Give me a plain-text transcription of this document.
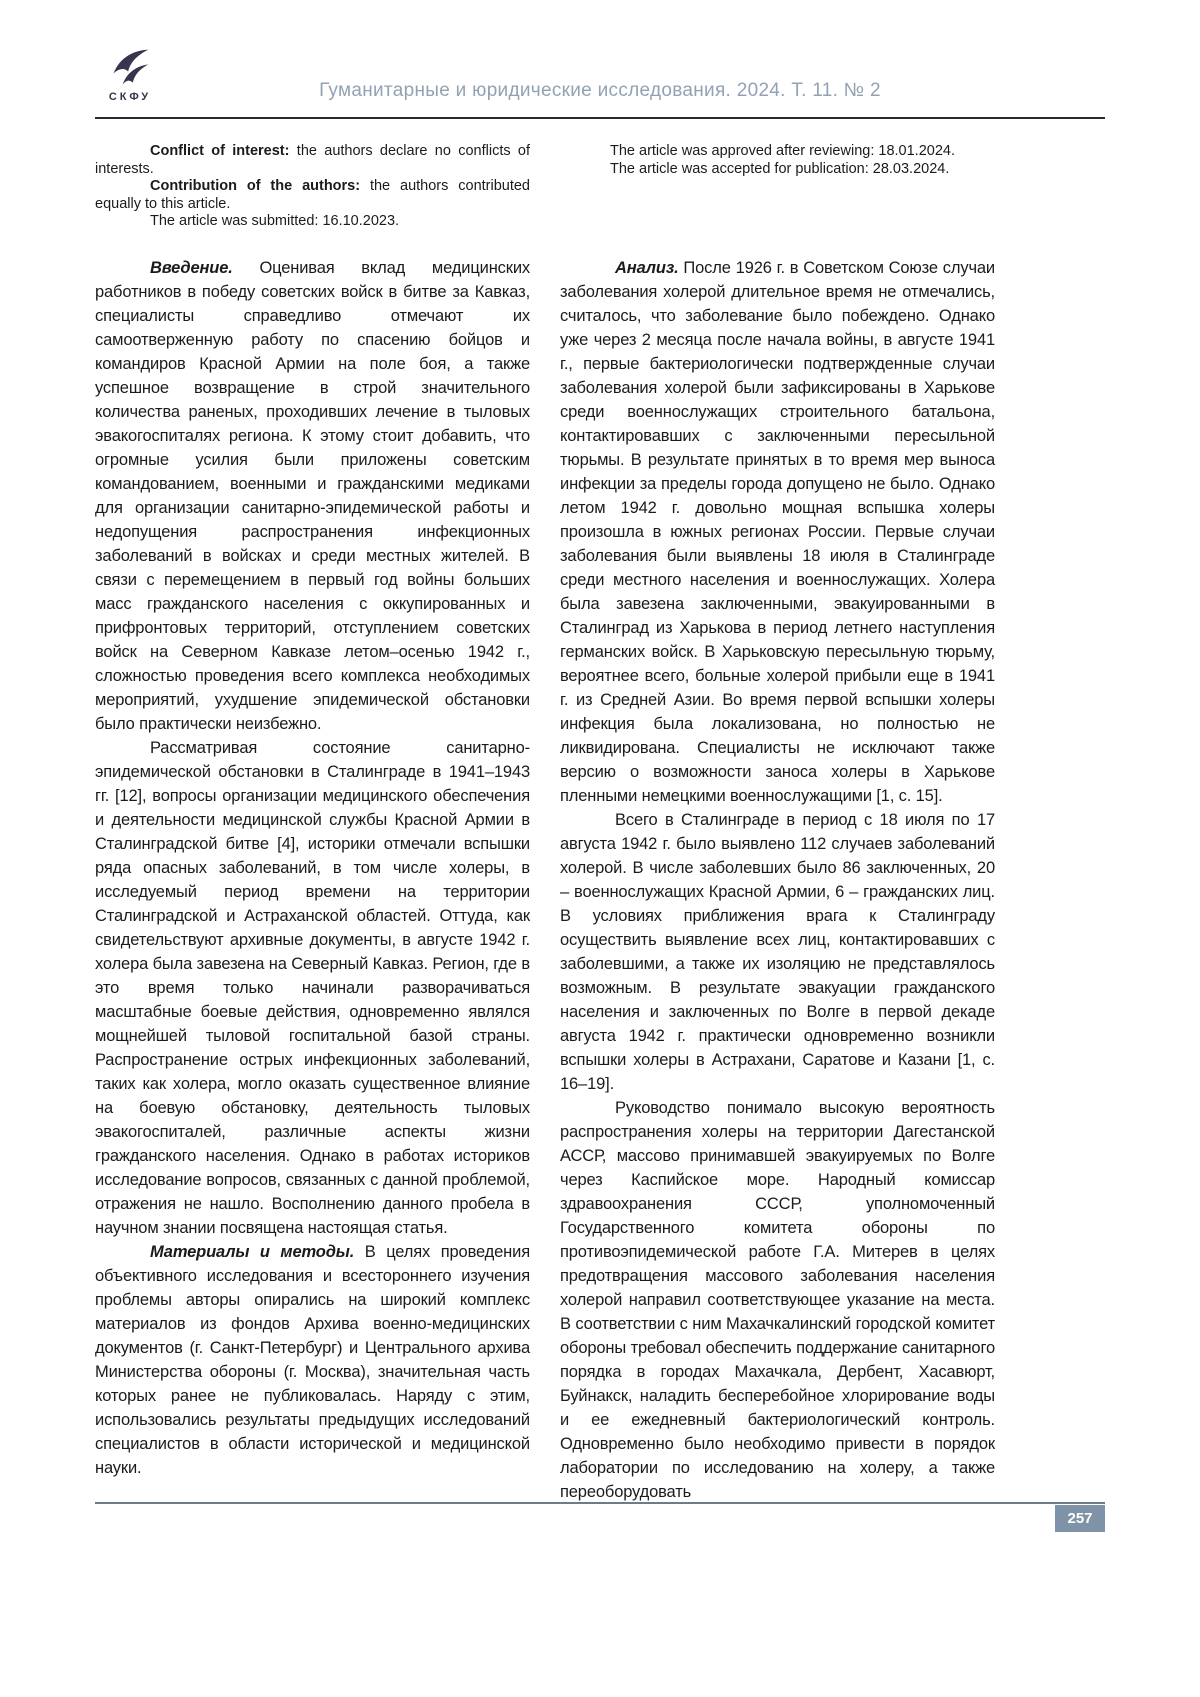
СКФУ	Гуманитарные и юридические исследования. 2024. Т. 11. № 2

Conflict of interest: the authors declare no conflicts of interests.

Contribution of the authors: the authors contributed equally to this article.

The article was submitted: 16.10.2023.

Введение. Оценивая вклад медицинских работников в победу советских войск в битве за Кавказ, специалисты справедливо отмечают их самоотверженную работу по спасению бойцов и командиров Красной Армии на поле боя, а также успешное возвращение в строй значительного количества раненых, проходивших лечение в тыловых эвакогоспиталях региона. К этому стоит добавить, что огромные усилия были приложены советским командованием, военными и гражданскими медиками для организации санитарно-эпидемической работы и недопущения распространения инфекционных заболеваний в войсках и среди местных жителей. В связи с перемещением в первый год войны больших масс гражданского населения с оккупированных и прифронтовых территорий, отступлением советских войск на Северном Кавказе летом–осенью 1942 г., сложностью проведения всего комплекса необходимых мероприятий, ухудшение эпидемической обстановки было практически неизбежно.

Рассматривая состояние санитарно-эпидемической обстановки в Сталинграде в 1941–1943 гг. [12], вопросы организации медицинского обеспечения и деятельности медицинской службы Красной Армии в Сталинградской битве [4], историки отмечали вспышки ряда опасных заболеваний, в том числе холеры, в исследуемый период времени на территории Сталинградской и Астраханской областей. Оттуда, как свидетельствуют архивные документы, в августе 1942 г. холера была завезена на Северный Кавказ. Регион, где в это время только начинали разворачиваться масштабные боевые действия, одновременно являлся мощнейшей тыловой госпитальной базой страны. Распространение острых инфекционных заболеваний, таких как холера, могло оказать существенное влияние на боевую обстановку, деятельность тыловых эвакогоспиталей, различные аспекты жизни гражданского населения. Однако в работах историков исследование вопросов, связанных с данной проблемой, отражения не нашло. Восполнению данного пробела в научном знании посвящена настоящая статья.

Материалы и методы. В целях проведения объективного исследования и всестороннего изучения проблемы авторы опирались на широкий комплекс материалов из фондов Архива военно-медицинских документов (г. Санкт-Петербург) и Центрального архива Министерства обороны (г. Москва), значительная часть которых ранее не публиковалась. Наряду с этим, использовались результаты предыдущих исследований специалистов в области исторической и медицинской науки.

The article was approved after reviewing: 18.01.2024.

The article was accepted for publication: 28.03.2024.

Анализ. После 1926 г. в Советском Союзе случаи заболевания холерой длительное время не отмечались, считалось, что заболевание было побеждено. Однако уже через 2 месяца после начала войны, в августе 1941 г., первые бактериологически подтвержденные случаи заболевания холерой были зафиксированы в Харькове среди военнослужащих строительного батальона, контактировавших с заключенными пересыльной тюрьмы. В результате принятых в то время мер выноса инфекции за пределы города допущено не было. Однако летом 1942 г. довольно мощная вспышка холеры произошла в южных регионах России. Первые случаи заболевания были выявлены 18 июля в Сталинграде среди местного населения и военнослужащих. Холера была завезена заключенными, эвакуированными в Сталинград из Харькова в период летнего наступления германских войск. В Харьковскую пересыльную тюрьму, вероятнее всего, больные холерой прибыли еще в 1941 г. из Средней Азии. Во время первой вспышки холеры инфекция была локализована, но полностью не ликвидирована. Специалисты не исключают также версию о возможности заноса холеры в Харькове пленными немецкими военнослужащими [1, с. 15].

Всего в Сталинграде в период с 18 июля по 17 августа 1942 г. было выявлено 112 случаев заболеваний холерой. В числе заболевших было 86 заключенных, 20 – военнослужащих Красной Армии, 6 – гражданских лиц. В условиях приближения врага к Сталинграду осуществить выявление всех лиц, контактировавших с заболевшими, а также их изоляцию не представлялось возможным. В результате эвакуации гражданского населения и заключенных по Волге в первой декаде августа 1942 г. практически одновременно возникли вспышки холеры в Астрахани, Саратове и Казани [1, с. 16–19].

Руководство понимало высокую вероятность распространения холеры на территории Дагестанской АССР, массово принимавшей эвакуируемых по Волге через Каспийское море. Народный комиссар здравоохранения СССР, уполномоченный Государственного комитета обороны по противоэпидемической работе Г.А. Митерев в целях предотвращения массового заболевания населения холерой направил соответствующее указание на места. В соответствии с ним Махачкалинский городской комитет обороны требовал обеспечить поддержание санитарного порядка в городах Махачкала, Дербент, Хасавюрт, Буйнакск, наладить бесперебойное хлорирование воды и ее ежедневный бактериологический контроль. Одновременно было необходимо привести в порядок лаборатории по исследованию на холеру, а также переоборудовать

257
